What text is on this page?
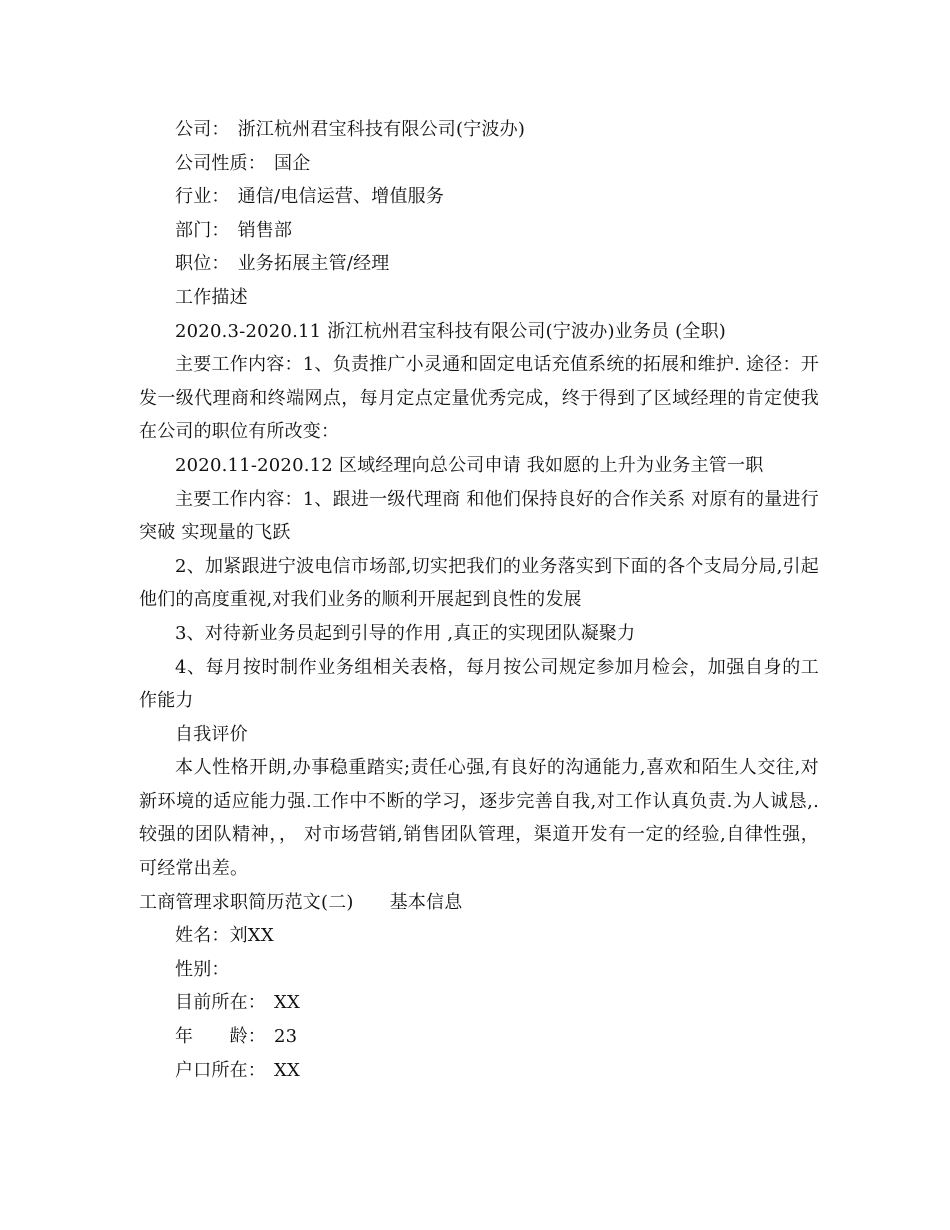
公司： 浙江杭州君宝科技有限公司(宁波办)
公司性质： 国企
行业： 通信/电信运营、增值服务
部门： 销售部
职位： 业务拓展主管/经理
工作描述
2020.3-2020.11 浙江杭州君宝科技有限公司(宁波办)业务员 (全职)
主要工作内容：1、负责推广小灵通和固定电话充值系统的拓展和维护. 途径：开发一级代理商和终端网点，每月定点定量优秀完成，终于得到了区域经理的肯定使我在公司的职位有所改变：
2020.11-2020.12 区域经理向总公司申请 我如愿的上升为业务主管一职
主要工作内容：1、跟进一级代理商 和他们保持良好的合作关系 对原有的量进行突破 实现量的飞跃
2、加紧跟进宁波电信市场部,切实把我们的业务落实到下面的各个支局分局,引起他们的高度重视,对我们业务的顺利开展起到良性的发展
3、对待新业务员起到引导的作用 ,真正的实现团队凝聚力
4、每月按时制作业务组相关表格，每月按公司规定参加月检会，加强自身的工作能力
自我评价
本人性格开朗,办事稳重踏实;责任心强,有良好的沟通能力,喜欢和陌生人交往,对新环境的适应能力强.工作中不断的学习，逐步完善自我,对工作认真负责.为人诚恳,.较强的团队精神，， 对市场营销,销售团队管理，渠道开发有一定的经验,自律性强， 可经常出差。
工商管理求职简历范文(二) 基本信息
姓名：刘XX
性别：
目前所在： XX
年　　龄： 23
户口所在： XX
